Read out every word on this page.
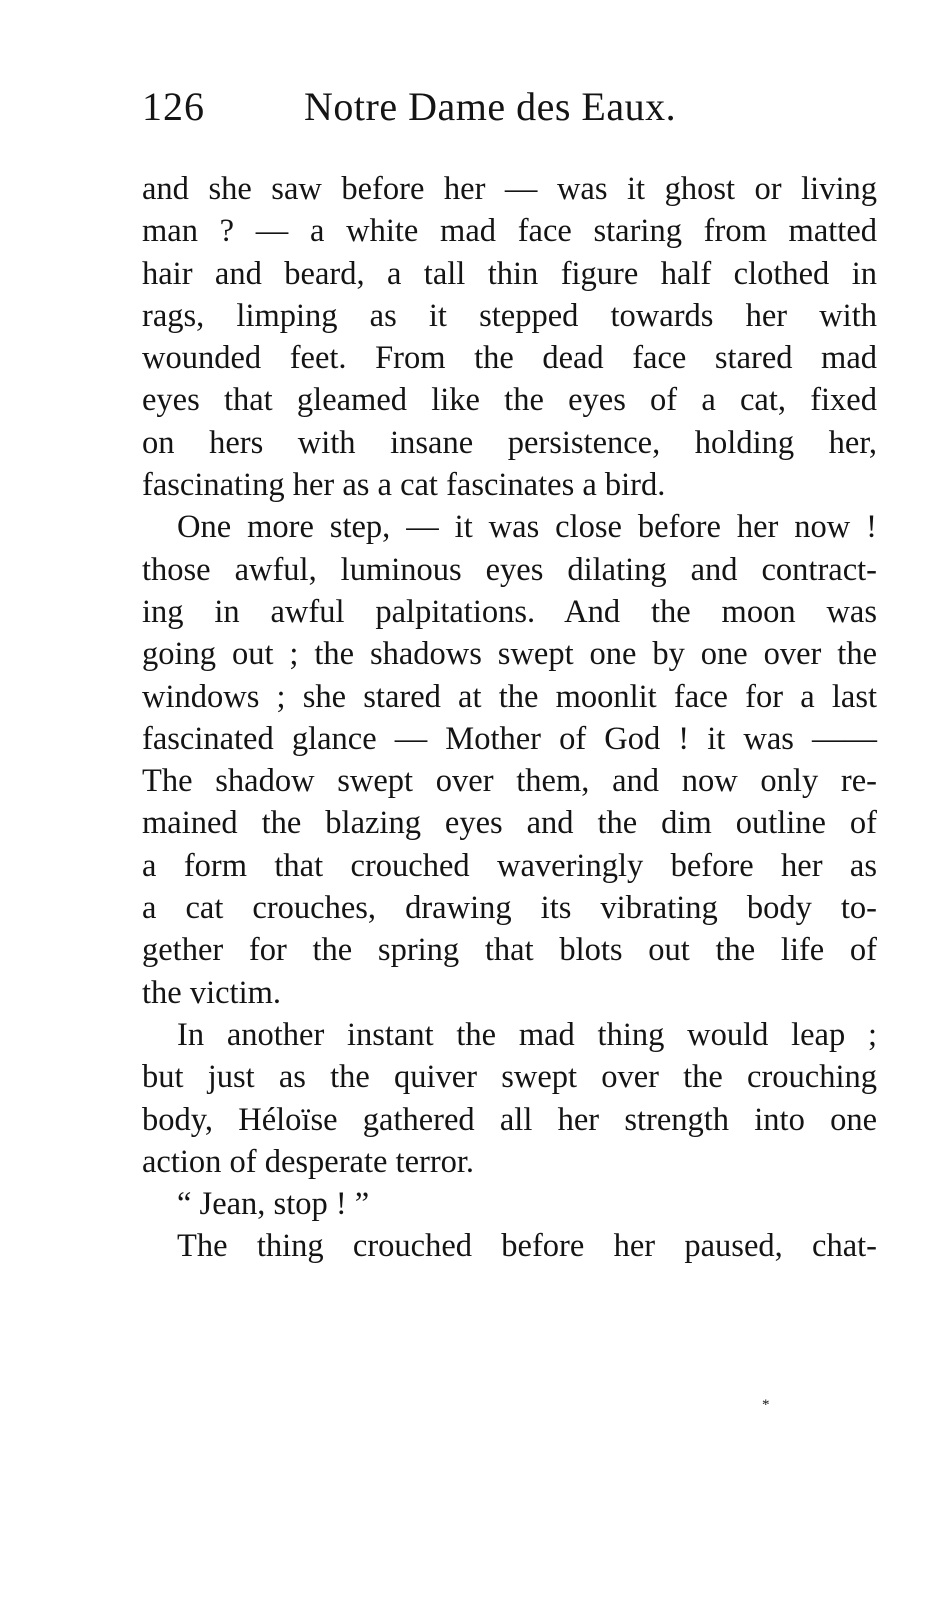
126 Notre Dame des Eaux.
and she saw before her — was it ghost or living
man ? — a white mad face staring from matted
hair and beard, a tall thin figure half clothed in
rags, limping as it stepped towards her with
wounded feet. From the dead face stared mad
eyes that gleamed like the eyes of a cat, fixed
on hers with insane persistence, holding her,
fascinating her as a cat fascinates a bird.
One more step, — it was close before her now !
those awful, luminous eyes dilating and contract-
ing in awful palpitations. And the moon was
going out ; the shadows swept one by one over the
windows ; she stared at the moonlit face for a last
fascinated glance — Mother of God ! it was ——
The shadow swept over them, and now only re-
mained the blazing eyes and the dim outline of
a form that crouched waveringly before her as
a cat crouches, drawing its vibrating body to-
gether for the spring that blots out the life of
the victim.
In another instant the mad thing would leap ;
but just as the quiver swept over the crouching
body, Héloïse gathered all her strength into one
action of desperate terror.
“ Jean, stop ! ”
The thing crouched before her paused, chat-
*
